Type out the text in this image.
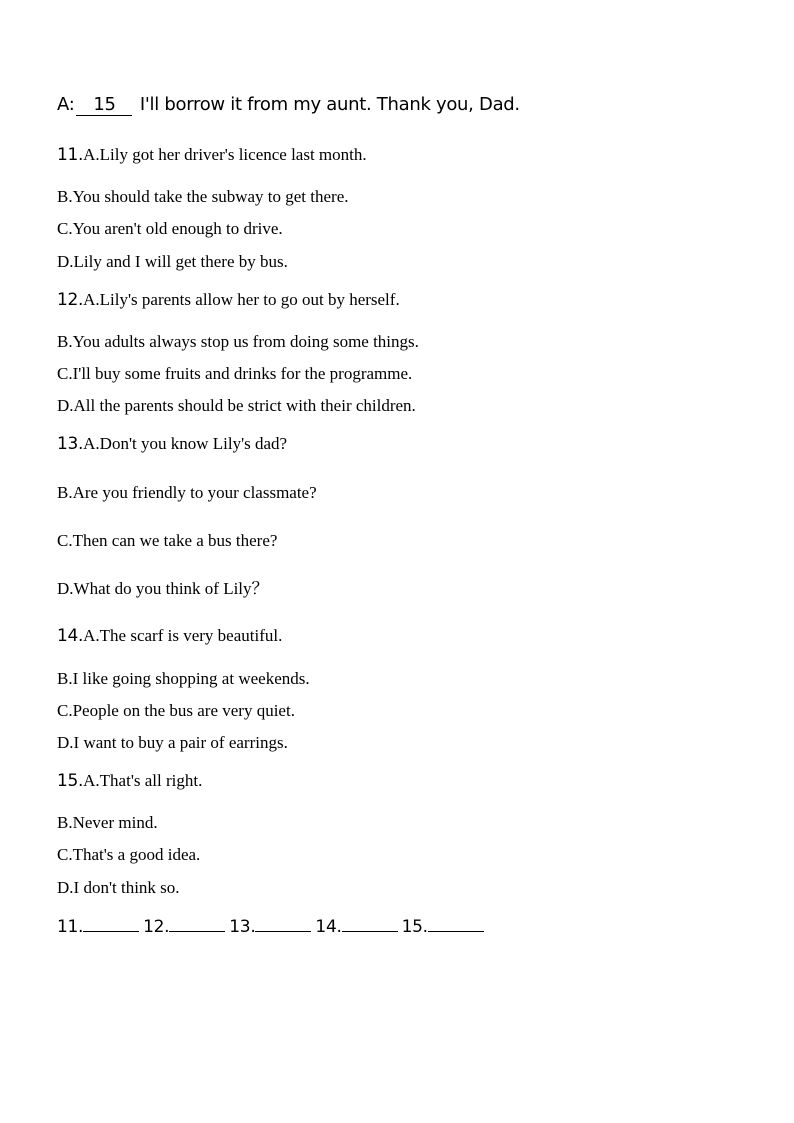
A: 15 I'll borrow it from my aunt. Thank you, Dad.
11.A.Lily got her driver's licence last month.
B.You should take the subway to get there.
C.You aren't old enough to drive.
D.Lily and I will get there by bus.
12.A.Lily's parents allow her to go out by herself.
B.You adults always stop us from doing some things.
C.I'll buy some fruits and drinks for the programme.
D.All the parents should be strict with their children.
13.A.Don't you know Lily's dad?
B.Are you friendly to your classmate?
C.Then can we take a bus there?
D.What do you think of Lily？
14.A.The scarf is very beautiful.
B.I like going shopping at weekends.
C.People on the bus are very quiet.
D.I want to buy a pair of earrings.
15.A.That's all right.
B.Never mind.
C.That's a good idea.
D.I don't think so.
11.	12.	13.	14.	15.
